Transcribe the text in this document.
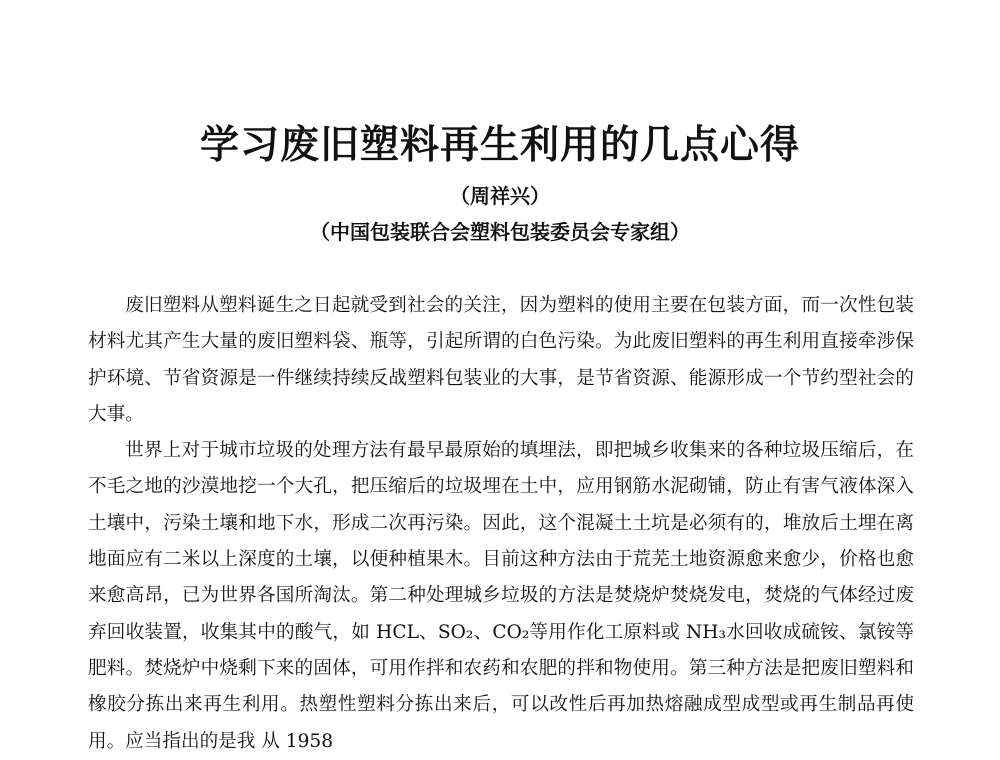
学习废旧塑料再生利用的几点心得
（周祥兴）
（中国包装联合会塑料包装委员会专家组）

废旧塑料从塑料诞生之日起就受到社会的关注，因为塑料的使用主要在包装方面，而一次性包装材料尤其产生大量的废旧塑料袋、瓶等，引起所谓的白色污染。为此废旧塑料的再生利用直接牵涉保护环境、节省资源是一件继续持续反战塑料包装业的大事，是节省资源、能源形成一个节约型社会的大事。

世界上对于城市垃圾的处理方法有最早最原始的填埋法，即把城乡收集来的各种垃圾压缩后，在不毛之地的沙漠地挖一个大孔，把压缩后的垃圾埋在土中，应用钢筋水泥砌铺，防止有害气液体深入土壤中，污染土壤和地下水，形成二次再污染。因此，这个混凝土土坑是必须有的，堆放后土埋在离地面应有二米以上深度的土壤，以便种植果木。目前这种方法由于荒芜土地资源愈来愈少，价格也愈来愈高昂，已为世界各国所淘汰。第二种处理城乡垃圾的方法是焚烧炉焚烧发电，焚烧的气体经过废弃回收装置，收集其中的酸气，如 HCL、SO₂、CO₂等用作化工原料或 NH₃水回收成硫铵、氯铵等肥料。焚烧炉中烧剩下来的固体，可用作拌和农药和农肥的拌和物使用。第三种方法是把废旧塑料和橡胶分拣出来再生利用。热塑性塑料分拣出来后，可以改性后再加热熔融成型成型或再生制品再使用。应当指出的是我 从 1958
